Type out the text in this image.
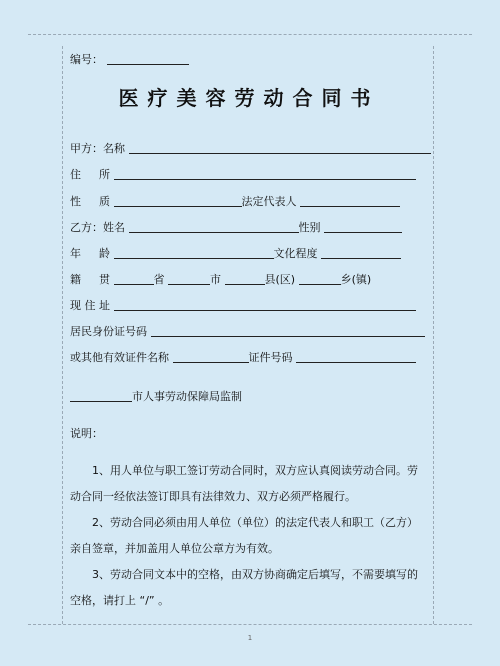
编号：
医疗美容劳动合同书
甲方：名称
住 所
性 质	法定代表人
乙方：姓名	性别
年 龄	文化程度
籍 贯	省	市	县(区)	乡(镇)
现 住 址
居民身份证号码
或其他有效证件名称	证件号码
市人事劳动保障局监制
说明：
1、用人单位与职工签订劳动合同时，双方应认真阅读劳动合同。劳
动合同一经依法签订即具有法律效力、双方必须严格履行。
2、劳动合同必须由用人单位（单位）的法定代表人和职工（乙方）
亲自签章，并加盖用人单位公章方为有效。
3、劳动合同文本中的空格，由双方协商确定后填写，不需要填写的
空格，请打上 “/” 。
1
